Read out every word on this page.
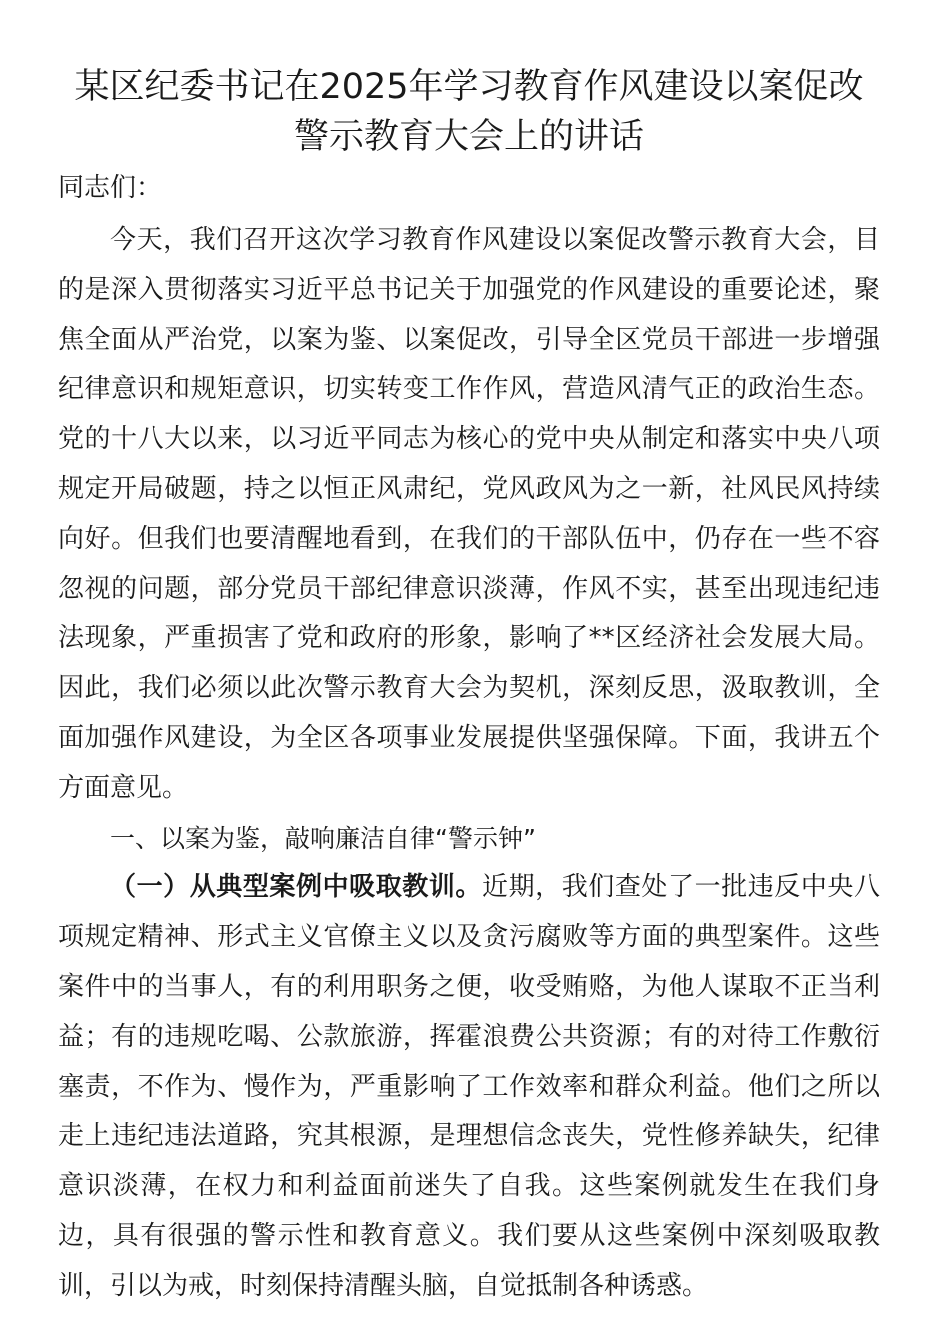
某区纪委书记在2025年学习教育作风建设以案促改
警示教育大会上的讲话

同志们：

今天，我们召开这次学习教育作风建设以案促改警示教育大会，目的是深入贯彻落实习近平总书记关于加强党的作风建设的重要论述，聚焦全面从严治党，以案为鉴、以案促改，引导全区党员干部进一步增强纪律意识和规矩意识，切实转变工作作风，营造风清气正的政治生态。党的十八大以来，以习近平同志为核心的党中央从制定和落实中央八项规定开局破题，持之以恒正风肃纪，党风政风为之一新，社风民风持续向好。但我们也要清醒地看到，在我们的干部队伍中，仍存在一些不容忽视的问题，部分党员干部纪律意识淡薄，作风不实，甚至出现违纪违法现象，严重损害了党和政府的形象，影响了**区经济社会发展大局。因此，我们必须以此次警示教育大会为契机，深刻反思，汲取教训，全面加强作风建设，为全区各项事业发展提供坚强保障。下面，我讲五个方面意见。

一、以案为鉴，敲响廉洁自律“警示钟”

（一）从典型案例中吸取教训。近期，我们查处了一批违反中央八项规定精神、形式主义官僚主义以及贪污腐败等方面的典型案件。这些案件中的当事人，有的利用职务之便，收受贿赂，为他人谋取不正当利益；有的违规吃喝、公款旅游，挥霍浪费公共资源；有的对待工作敷衍塞责，不作为、慢作为，严重影响了工作效率和群众利益。他们之所以走上违纪违法道路，究其根源，是理想信念丧失，党性修养缺失，纪律意识淡薄，在权力和利益面前迷失了自我。这些案例就发生在我们身边，具有很强的警示性和教育意义。我们要从这些案例中深刻吸取教训，引以为戒，时刻保持清醒头脑，自觉抵制各种诱惑。
